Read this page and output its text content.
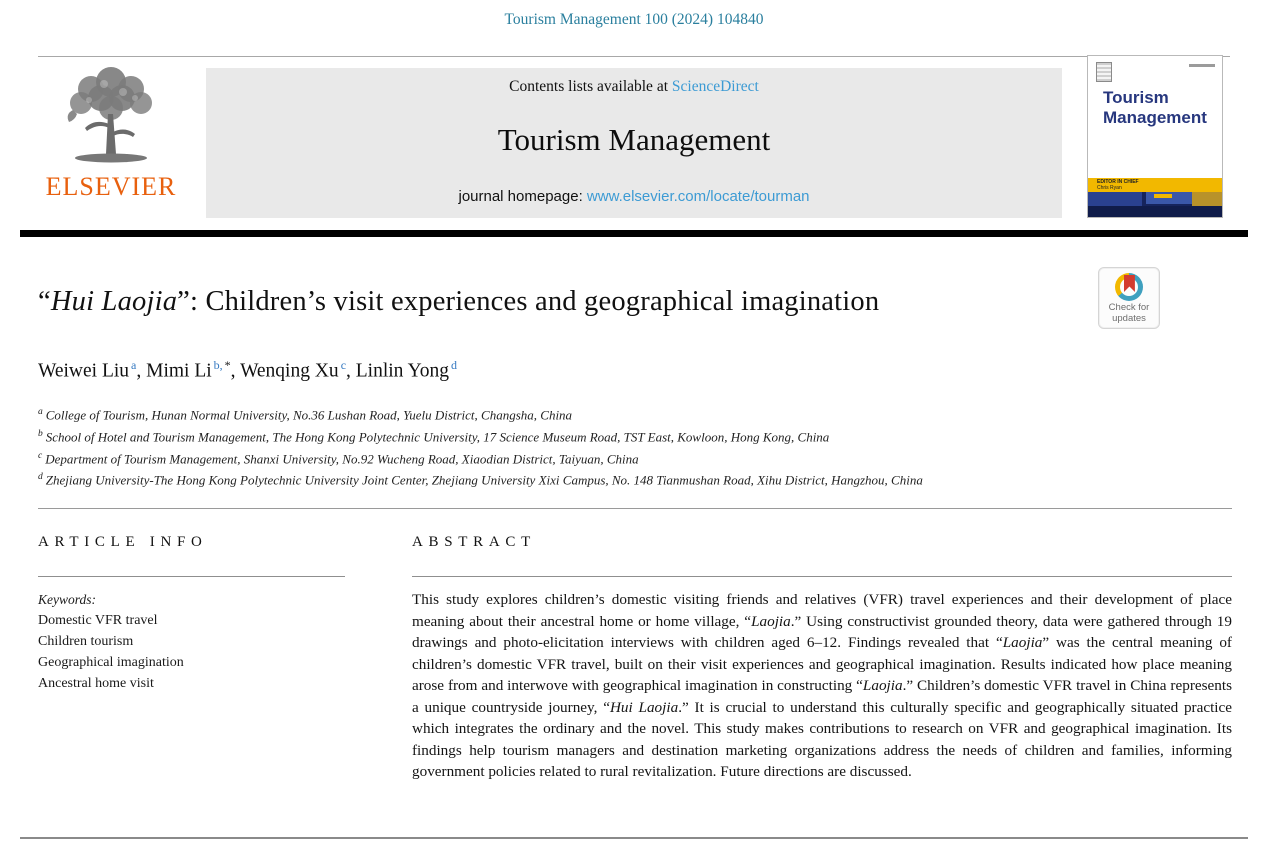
Tourism Management 100 (2024) 104840
ELSEVIER
Contents lists available at ScienceDirect
Tourism Management
journal homepage: www.elsevier.com/locate/tourman
Tourism
Management
EDITOR IN CHIEF
Chris Ryan
Check for
updates
“Hui Laojia”: Children’s visit experiences and geographical imagination
Weiwei Liu $^a$, Mimi Li $^{b,}$ *, Wenqing Xu $^c$, Linlin Yong $^d$
$^a$ College of Tourism, Hunan Normal University, No.36 Lushan Road, Yuelu District, Changsha, China
$^b$ School of Hotel and Tourism Management, The Hong Kong Polytechnic University, 17 Science Museum Road, TST East, Kowloon, Hong Kong, China
$^c$ Department of Tourism Management, Shanxi University, No.92 Wucheng Road, Xiaodian District, Taiyuan, China
$^d$ Zhejiang University-The Hong Kong Polytechnic University Joint Center, Zhejiang University Xixi Campus, No. 148 Tianmushan Road, Xihu District, Hangzhou, China
ARTICLE INFO
Keywords:
Domestic VFR travel
Children tourism
Geographical imagination
Ancestral home visit
ABSTRACT

This study explores children’s domestic visiting friends and relatives (VFR) travel experiences and their development of place meaning about their ancestral home or home village, “Laojia.” Using constructivist grounded theory, data were gathered through 19 drawings and photo-elicitation interviews with children aged 6–12. Findings revealed that “Laojia” was the central meaning of children’s domestic VFR travel, built on their visit experiences and geographical imagination. Results indicated how place meaning arose from and interwove with geographical imagination in constructing “Laojia.” Children’s domestic VFR travel in China represents a unique countryside journey, “Hui Laojia.” It is crucial to understand this culturally specific and geographically situated practice which integrates the ordinary and the novel. This study makes contributions to research on VFR and geographical imagination. Its findings help tourism managers and destination marketing organizations address the needs of children and families, informing government policies related to rural revitalization. Future directions are discussed.
